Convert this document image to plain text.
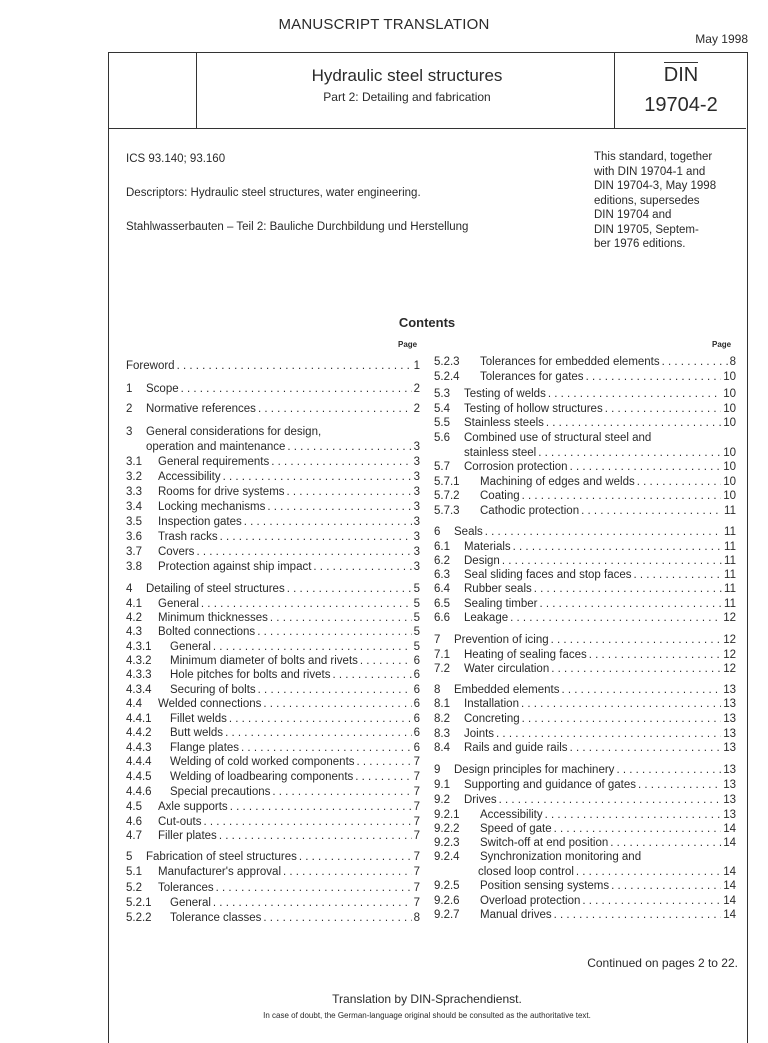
MANUSCRIPT TRANSLATION
May 1998
Hydraulic steel structures
Part 2: Detailing and fabrication
DIN
19704-2
ICS 93.140; 93.160
Descriptors: Hydraulic steel structures, water engineering.
Stahlwasserbauten – Teil 2: Bauliche Durchbildung und Herstellung
This standard, together
with DIN 19704-1 and
DIN 19704-3, May 1998
editions, supersedes
DIN 19704 and
DIN 19705, Septem-
ber 1976 editions.
Contents
Page	Page
Foreword . . .	1
1	Scope . . .	2
2	Normative references . . .	2
3	General considerations for design,
operation and maintenance . . .	3
3.1	General requirements . . .	3
3.2	Accessibility . . .	3
3.3	Rooms for drive systems . . .	3
3.4	Locking mechanisms . . .	3
3.5	Inspection gates . . .	3
3.6	Trash racks . . .	3
3.7	Covers . . .	3
3.8	Protection against ship impact . . .	3
4	Detailing of steel structures . . .	5
4.1	General . . .	5
4.2	Minimum thicknesses . . .	5
4.3	Bolted connections . . .	5
4.3.1	General . . .	5
4.3.2	Minimum diameter of bolts and rivets . . .	6
4.3.3	Hole pitches for bolts and rivets . . .	6
4.3.4	Securing of bolts . . .	6
4.4	Welded connections . . .	6
4.4.1	Fillet welds . . .	6
4.4.2	Butt welds . . .	6
4.4.3	Flange plates . . .	6
4.4.4	Welding of cold worked components . . .	7
4.4.5	Welding of loadbearing components . . .	7
4.4.6	Special precautions . . .	7
4.5	Axle supports . . .	7
4.6	Cut-outs . . .	7
4.7	Filler plates . . .	7
5	Fabrication of steel structures . . .	7
5.1	Manufacturer's approval . . .	7
5.2	Tolerances . . .	7
5.2.1	General . . .	7
5.2.2	Tolerance classes . . .	8
5.2.3	Tolerances for embedded elements . . .	8
5.2.4	Tolerances for gates . . .	10
5.3	Testing of welds . . .	10
5.4	Testing of hollow structures . . .	10
5.5	Stainless steels . . .	10
5.6	Combined use of structural steel and
stainless steel . . .	10
5.7	Corrosion protection . . .	10
5.7.1	Machining of edges and welds . . .	10
5.7.2	Coating . . .	10
5.7.3	Cathodic protection . . .	11
6	Seals . . .	11
6.1	Materials . . .	11
6.2	Design . . .	11
6.3	Seal sliding faces and stop faces . . .	11
6.4	Rubber seals . . .	11
6.5	Sealing timber . . .	11
6.6	Leakage . . .	12
7	Prevention of icing . . .	12
7.1	Heating of sealing faces . . .	12
7.2	Water circulation . . .	12
8	Embedded elements . . .	13
8.1	Installation . . .	13
8.2	Concreting . . .	13
8.3	Joints . . .	13
8.4	Rails and guide rails . . .	13
9	Design principles for machinery . . .	13
9.1	Supporting and guidance of gates . . .	13
9.2	Drives . . .	13
9.2.1	Accessibility . . .	13
9.2.2	Speed of gate . . .	14
9.2.3	Switch-off at end position . . .	14
9.2.4	Synchronization monitoring and
closed loop control . . .	14
9.2.5	Position sensing systems . . .	14
9.2.6	Overload protection . . .	14
9.2.7	Manual drives . . .	14
Continued on pages 2 to 22.
Translation by DIN-Sprachendienst.
In case of doubt, the German-language original should be consulted as the authoritative text.
